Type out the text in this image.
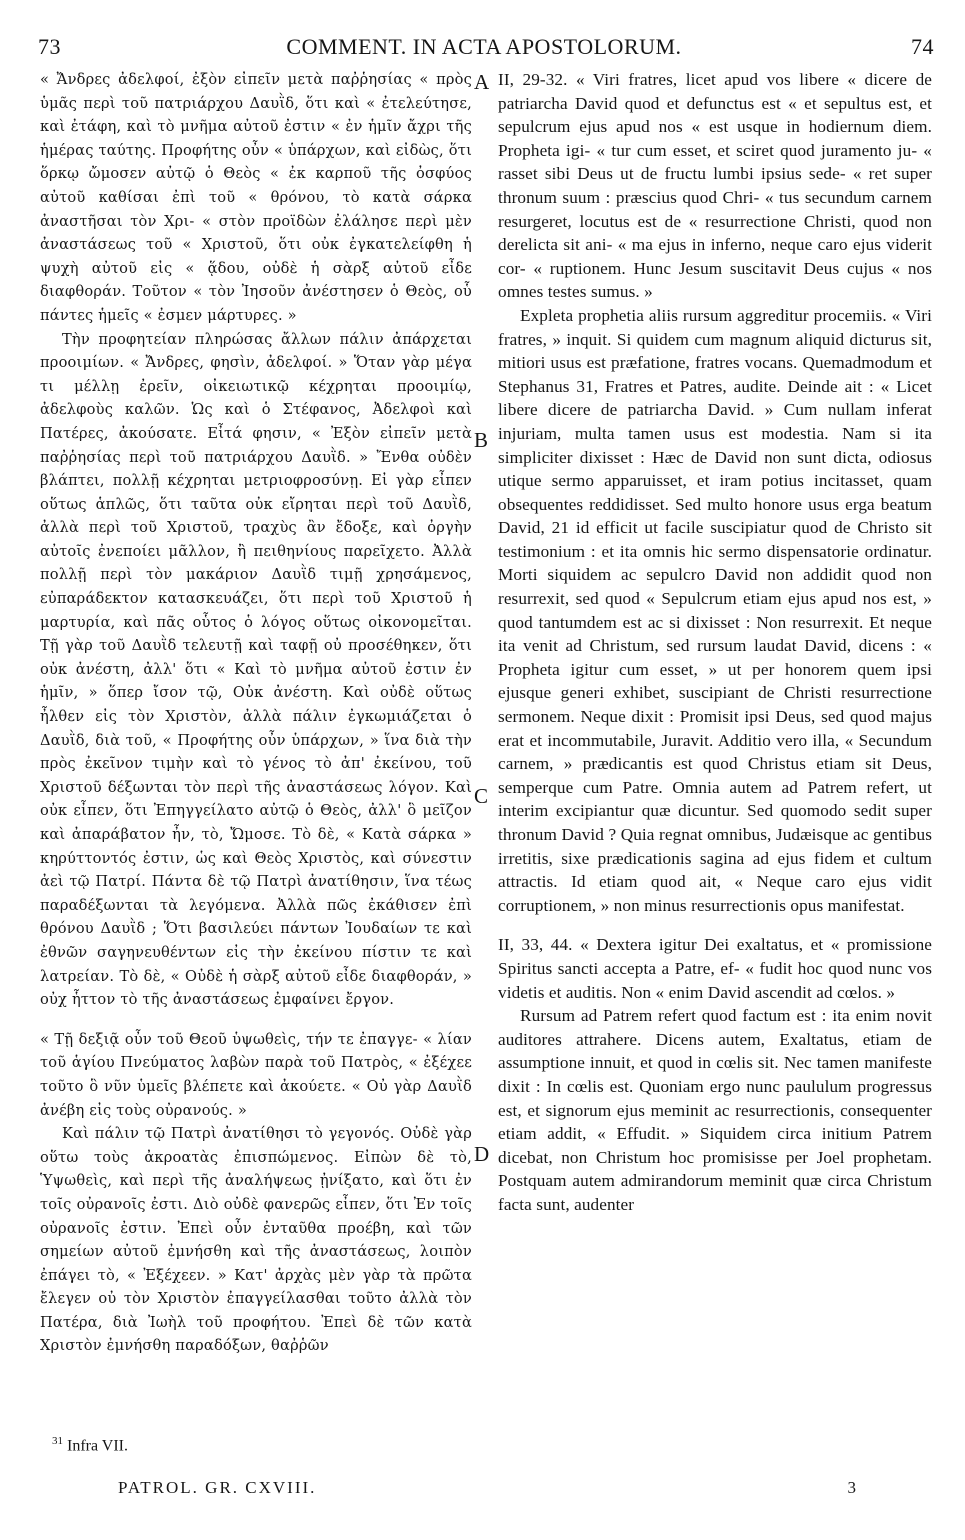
73	COMMENT. IN ACTA APOSTOLORUM.	74

« Ἄνδρες ἀδελφοί, ἐξὸν εἰπεῖν μετὰ παῤῥησίας « πρὸς ὑμᾶς περὶ τοῦ πατριάρχου Δαυῒδ, ὅτι καὶ « ἐτελεύτησε, καὶ ἐτάφη, καὶ τὸ μνῆμα αὐτοῦ ἐστιν « ἐν ἡμῖν ἄχρι τῆς ἡμέρας ταύτης. Προφήτης οὖν « ὑπάρχων, καὶ εἰδὼς, ὅτι ὅρκῳ ὤμοσεν αὐτῷ ὁ Θεὸς « ἐκ καρποῦ τῆς ὀσφύος αὐτοῦ καθίσαι ἐπὶ τοῦ « θρόνου, τὸ κατὰ σάρκα ἀναστῆσαι τὸν Χρι- « στὸν προϊδὼν ἐλάλησε περὶ μὲν ἀναστάσεως τοῦ « Χριστοῦ, ὅτι οὐκ ἐγκατελείφθη ἡ ψυχὴ αὐτοῦ εἰς « ᾅδου, οὐδὲ ἡ σὰρξ αὐτοῦ εἶδε διαφθοράν. Τοῦτον « τὸν Ἰησοῦν ἀνέστησεν ὁ Θεὸς, οὗ πάντες ἡμεῖς « ἐσμεν μάρτυρες. »

Τὴν προφητείαν πληρώσας ἄλλων πάλιν ἀπάρχεται προοιμίων. « Ἄνδρες, φησὶν, ἀδελφοί. » Ὅταν γὰρ μέγα τι μέλλῃ ἐρεῖν, οἰκειωτικῷ κέχρηται προοιμίῳ, ἀδελφοὺς καλῶν. Ὡς καὶ ὁ Στέφανος, Ἀδελφοὶ καὶ Πατέρες, ἀκούσατε. Εἶτά φησιν, « Ἐξὸν εἰπεῖν μετὰ παῤῥησίας περὶ τοῦ πατριάρχου Δαυῒδ. » Ἔνθα οὐδὲν βλάπτει, πολλῇ κέχρηται μετριοφροσύνῃ. Εἰ γὰρ εἶπεν οὕτως ἁπλῶς, ὅτι ταῦτα οὐκ εἴρηται περὶ τοῦ Δαυῒδ, ἀλλὰ περὶ τοῦ Χριστοῦ, τραχὺς ἂν ἔδοξε, καὶ ὀργὴν αὐτοῖς ἐνεποίει μᾶλλον, ἢ πειθηνίους παρεῖχετο. Ἀλλὰ πολλῇ περὶ τὸν μακάριον Δαυῒδ τιμῇ χρησάμενος, εὐπαράδεκτον κατασκευάζει, ὅτι περὶ τοῦ Χριστοῦ ἡ μαρτυρία, καὶ πᾶς οὗτος ὁ λόγος οὕτως οἰκονομεῖται. Τῇ γὰρ τοῦ Δαυῒδ τελευτῇ καὶ ταφῇ οὐ προσέθηκεν, ὅτι οὐκ ἀνέστη, ἀλλ' ὅτι « Καὶ τὸ μνῆμα αὐτοῦ ἐστιν ἐν ἡμῖν, » ὅπερ ἴσον τῷ, Οὐκ ἀνέστη. Καὶ οὐδὲ οὕτως ἦλθεν εἰς τὸν Χριστὸν, ἀλλὰ πάλιν ἐγκωμιάζεται ὁ Δαυῒδ, διὰ τοῦ, « Προφήτης οὖν ὑπάρχων, » ἵνα διὰ τὴν πρὸς ἐκεῖνον τιμὴν καὶ τὸ γένος τὸ ἀπ' ἐκείνου, τοῦ Χριστοῦ δέξωνται τὸν περὶ τῆς ἀναστάσεως λόγον. Καὶ οὐκ εἶπεν, ὅτι Ἐπηγγείλατο αὐτῷ ὁ Θεὸς, ἀλλ' ὃ μεῖζον καὶ ἀπαράβατον ἦν, τὸ, Ὤμοσε. Τὸ δὲ, « Κατὰ σάρκα » κηρύττοντός ἐστιν, ὡς καὶ Θεὸς Χριστὸς, καὶ σύνεστιν ἀεὶ τῷ Πατρί. Πάντα δὲ τῷ Πατρὶ ἀνατίθησιν, ἵνα τέως παραδέξωνται τὰ λεγόμενα. Ἀλλὰ πῶς ἐκάθισεν ἐπὶ θρόνου Δαυῒδ ; Ὅτι βασιλεύει πάντων Ἰουδαίων τε καὶ ἐθνῶν σαγηνευθέντων εἰς τὴν ἐκείνου πίστιν τε καὶ λατρείαν. Τὸ δὲ, « Οὐδὲ ἡ σὰρξ αὐτοῦ εἶδε διαφθοράν, » οὐχ ἧττον τὸ τῆς ἀναστάσεως ἐμφαίνει ἔργον.

« Τῇ δεξιᾷ οὖν τοῦ Θεοῦ ὑψωθεὶς, τήν τε ἐπαγγε- « λίαν τοῦ ἁγίου Πνεύματος λαβὼν παρὰ τοῦ Πατρὸς, « ἐξέχεε τοῦτο ὃ νῦν ὑμεῖς βλέπετε καὶ ἀκούετε. « Οὐ γὰρ Δαυῒδ ἀνέβη εἰς τοὺς οὐρανούς. »

Καὶ πάλιν τῷ Πατρὶ ἀνατίθησι τὸ γεγονός. Οὐδὲ γὰρ οὕτω τοὺς ἀκροατὰς ἐπισπώμενος. Εἰπὼν δὲ τὸ, Ὑψωθεὶς, καὶ περὶ τῆς ἀναλήψεως ᾐνίξατο, καὶ ὅτι ἐν τοῖς οὐρανοῖς ἐστι. Διὸ οὐδὲ φανερῶς εἶπεν, ὅτι Ἐν τοῖς οὐρανοῖς ἐστιν. Ἐπεὶ οὖν ἐνταῦθα προέβη, καὶ τῶν σημείων αὐτοῦ ἐμνήσθη καὶ τῆς ἀναστάσεως, λοιπὸν ἐπάγει τὸ, « Ἐξέχεεν. » Κατ' ἀρχὰς μὲν γὰρ τὰ πρῶτα ἔλεγεν οὐ τὸν Χριστὸν ἐπαγγείλασθαι τοῦτο ἀλλὰ τὸν Πατέρα, διὰ Ἰωὴλ τοῦ προφήτου. Ἐπεὶ δὲ τῶν κατὰ Χριστὸν ἐμνήσθη παραδόξων, θαῤῥῶν

II, 29-32. « Viri fratres, licet apud vos libere « dicere de patriarcha David quod et defunctus est « et sepultus est, et sepulcrum ejus apud nos « est usque in hodiernum diem. Propheta igi- « tur cum esset, et sciret quod juramento ju- « rasset sibi Deus ut de fructu lumbi ipsius sede- « ret super thronum suum : præscius quod Chri- « tus secundum carnem resurgeret, locutus est de « resurrectione Christi, quod non derelicta sit ani- « ma ejus in inferno, neque caro ejus viderit cor- « ruptionem. Hunc Jesum suscitavit Deus cujus « nos omnes testes sumus. »

Expleta prophetia aliis rursum aggreditur procemiis. « Viri fratres, » inquit. Si quidem cum magnum aliquid dicturus sit, mitiori usus est præfatione, fratres vocans. Quemadmodum et Stephanus 31, Fratres et Patres, audite. Deinde ait : « Licet libere dicere de patriarcha David. » Cum nullam inferat injuriam, multa tamen usus est modestia. Nam si ita simpliciter dixisset : Hæc de David non sunt dicta, odiosus utique sermo apparuisset, et iram potius incitasset, quam obsequentes reddidisset. Sed multo honore usus erga beatum David, 21 id efficit ut facile suscipiatur quod de Christo sit testimonium : et ita omnis hic sermo dispensatorie ordinatur. Morti siquidem ac sepulcro David non addidit quod non resurrexit, sed quod « Sepulcrum etiam ejus apud nos est, » quod tantumdem est ac si dixisset : Non resurrexit. Et neque ita venit ad Christum, sed rursum laudat David, dicens : « Propheta igitur cum esset, » ut per honorem quem ipsi ejusque generi exhibet, suscipiant de Christi resurrectione sermonem. Neque dixit : Promisit ipsi Deus, sed quod majus erat et incommutabile, Juravit. Additio vero illa, « Secundum carnem, » prædicantis est quod Christus etiam sit Deus, semperque cum Patre. Omnia autem ad Patrem refert, ut interim excipiantur quæ dicuntur. Sed quomodo sedit super thronum David ? Quia regnat omnibus, Judæisque ac gentibus irretitis, sixe prædicationis sagina ad ejus fidem et cultum attractis. Id etiam quod ait, « Neque caro ejus vidit corruptionem, » non minus resurrectionis opus manifestat.

II, 33, 44. « Dextera igitur Dei exaltatus, et « promissione Spiritus sancti accepta a Patre, ef- « fudit hoc quod nunc vos videtis et auditis. Non « enim David ascendit ad cœlos. »

Rursum ad Patrem refert quod factum est : ita enim novit auditores attrahere. Dicens autem, Exaltatus, etiam de assumptione innuit, et quod in cœlis sit. Nec tamen manifeste dixit : In cœlis est. Quoniam ergo nunc paululum progressus est, et signorum ejus meminit ac resurrectionis, consequenter etiam addit, « Effudit. » Siquidem circa initium Patrem dicebat, non Christum hoc promisisse per Joel prophetam. Postquam autem admirandorum meminit quæ circa Christum facta sunt, audenter

A
B
C
D
$^{31}$ Infra VII.
PATROL. GR. CXVIII.	3
